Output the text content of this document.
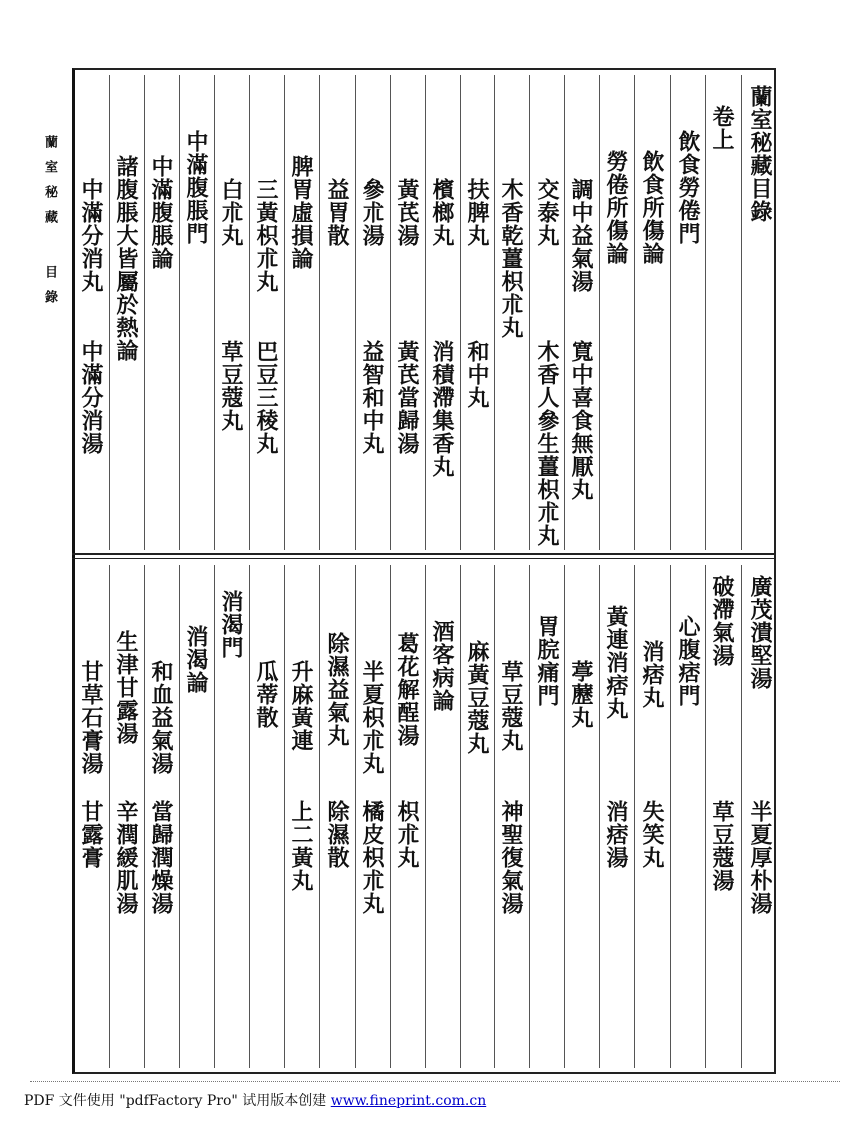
蘭室秘藏
目錄
蘭室秘藏目錄
卷上
飲食勞倦門
飲食所傷論
勞倦所傷論
調中益氣湯
寬中喜食無厭丸
交泰丸
木香人參生薑枳朮丸
木香乾薑枳朮丸
扶脾丸
和中丸
檳榔丸
消積滯集香丸
黃芪湯
黃芪當歸湯
參朮湯
益智和中丸
益胃散
脾胃虛損論
三黃枳朮丸
巴豆三稜丸
白朮丸
草豆蔻丸
中滿腹脹門
中滿腹脹論
諸腹脹大皆屬於熱論
中滿分消丸
中滿分消湯
廣茂潰堅湯
半夏厚朴湯
破滯氣湯
草豆蔻湯
心腹痞門
消痞丸
失笑丸
黃連消痞丸
消痞湯
葶藶丸
胃脘痛門
草豆蔻丸
神聖復氣湯
麻黃豆蔻丸
酒客病論
葛花解酲湯
枳朮丸
半夏枳朮丸
橘皮枳朮丸
除濕益氣丸
除濕散
升麻黃連
上二黃丸
瓜蒂散
消渴門
消渴論
和血益氣湯
當歸潤燥湯
生津甘露湯
辛潤緩肌湯
甘草石膏湯
甘露膏
PDF 文件使用 "pdfFactory Pro" 试用版本创建 www.fineprint.com.cn
